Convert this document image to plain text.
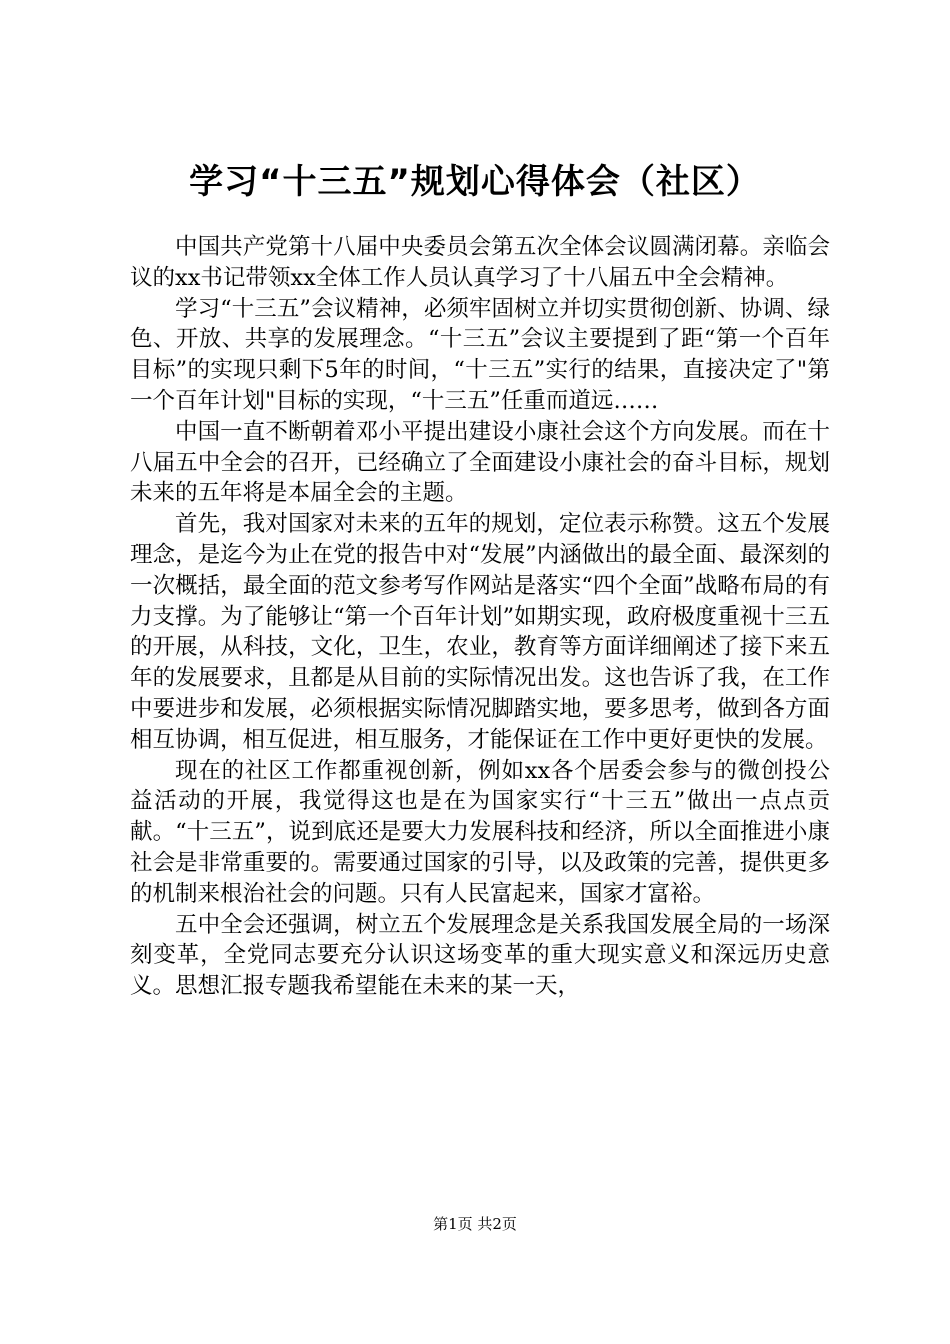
学习“十三五”规划心得体会（社区）

中国共产党第十八届中央委员会第五次全体会议圆满闭幕。亲临会议的xx书记带领xx全体工作人员认真学习了十八届五中全会精神。

学习“十三五”会议精神，必须牢固树立并切实贯彻创新、协调、绿色、开放、共享的发展理念。“十三五”会议主要提到了距“第一个百年目标”的实现只剩下5年的时间，“十三五”实行的结果，直接决定了"第一个百年计划"目标的实现，“十三五”任重而道远……

中国一直不断朝着邓小平提出建设小康社会这个方向发展。而在十八届五中全会的召开，已经确立了全面建设小康社会的奋斗目标，规划未来的五年将是本届全会的主题。

首先，我对国家对未来的五年的规划，定位表示称赞。这五个发展理念，是迄今为止在党的报告中对“发展”内涵做出的最全面、最深刻的一次概括，最全面的范文参考写作网站是落实“四个全面”战略布局的有力支撑。为了能够让“第一个百年计划”如期实现，政府极度重视十三五的开展，从科技，文化，卫生，农业，教育等方面详细阐述了接下来五年的发展要求，且都是从目前的实际情况出发。这也告诉了我，在工作中要进步和发展，必须根据实际情况脚踏实地，要多思考，做到各方面相互协调，相互促进，相互服务，才能保证在工作中更好更快的发展。

现在的社区工作都重视创新，例如xx各个居委会参与的微创投公益活动的开展，我觉得这也是在为国家实行“十三五”做出一点点贡献。“十三五”，说到底还是要大力发展科技和经济，所以全面推进小康社会是非常重要的。需要通过国家的引导，以及政策的完善，提供更多的机制来根治社会的问题。只有人民富起来，国家才富裕。

五中全会还强调，树立五个发展理念是关系我国发展全局的一场深刻变革，全党同志要充分认识这场变革的重大现实意义和深远历史意义。思想汇报专题我希望能在未来的某一天，

第1页 共2页
